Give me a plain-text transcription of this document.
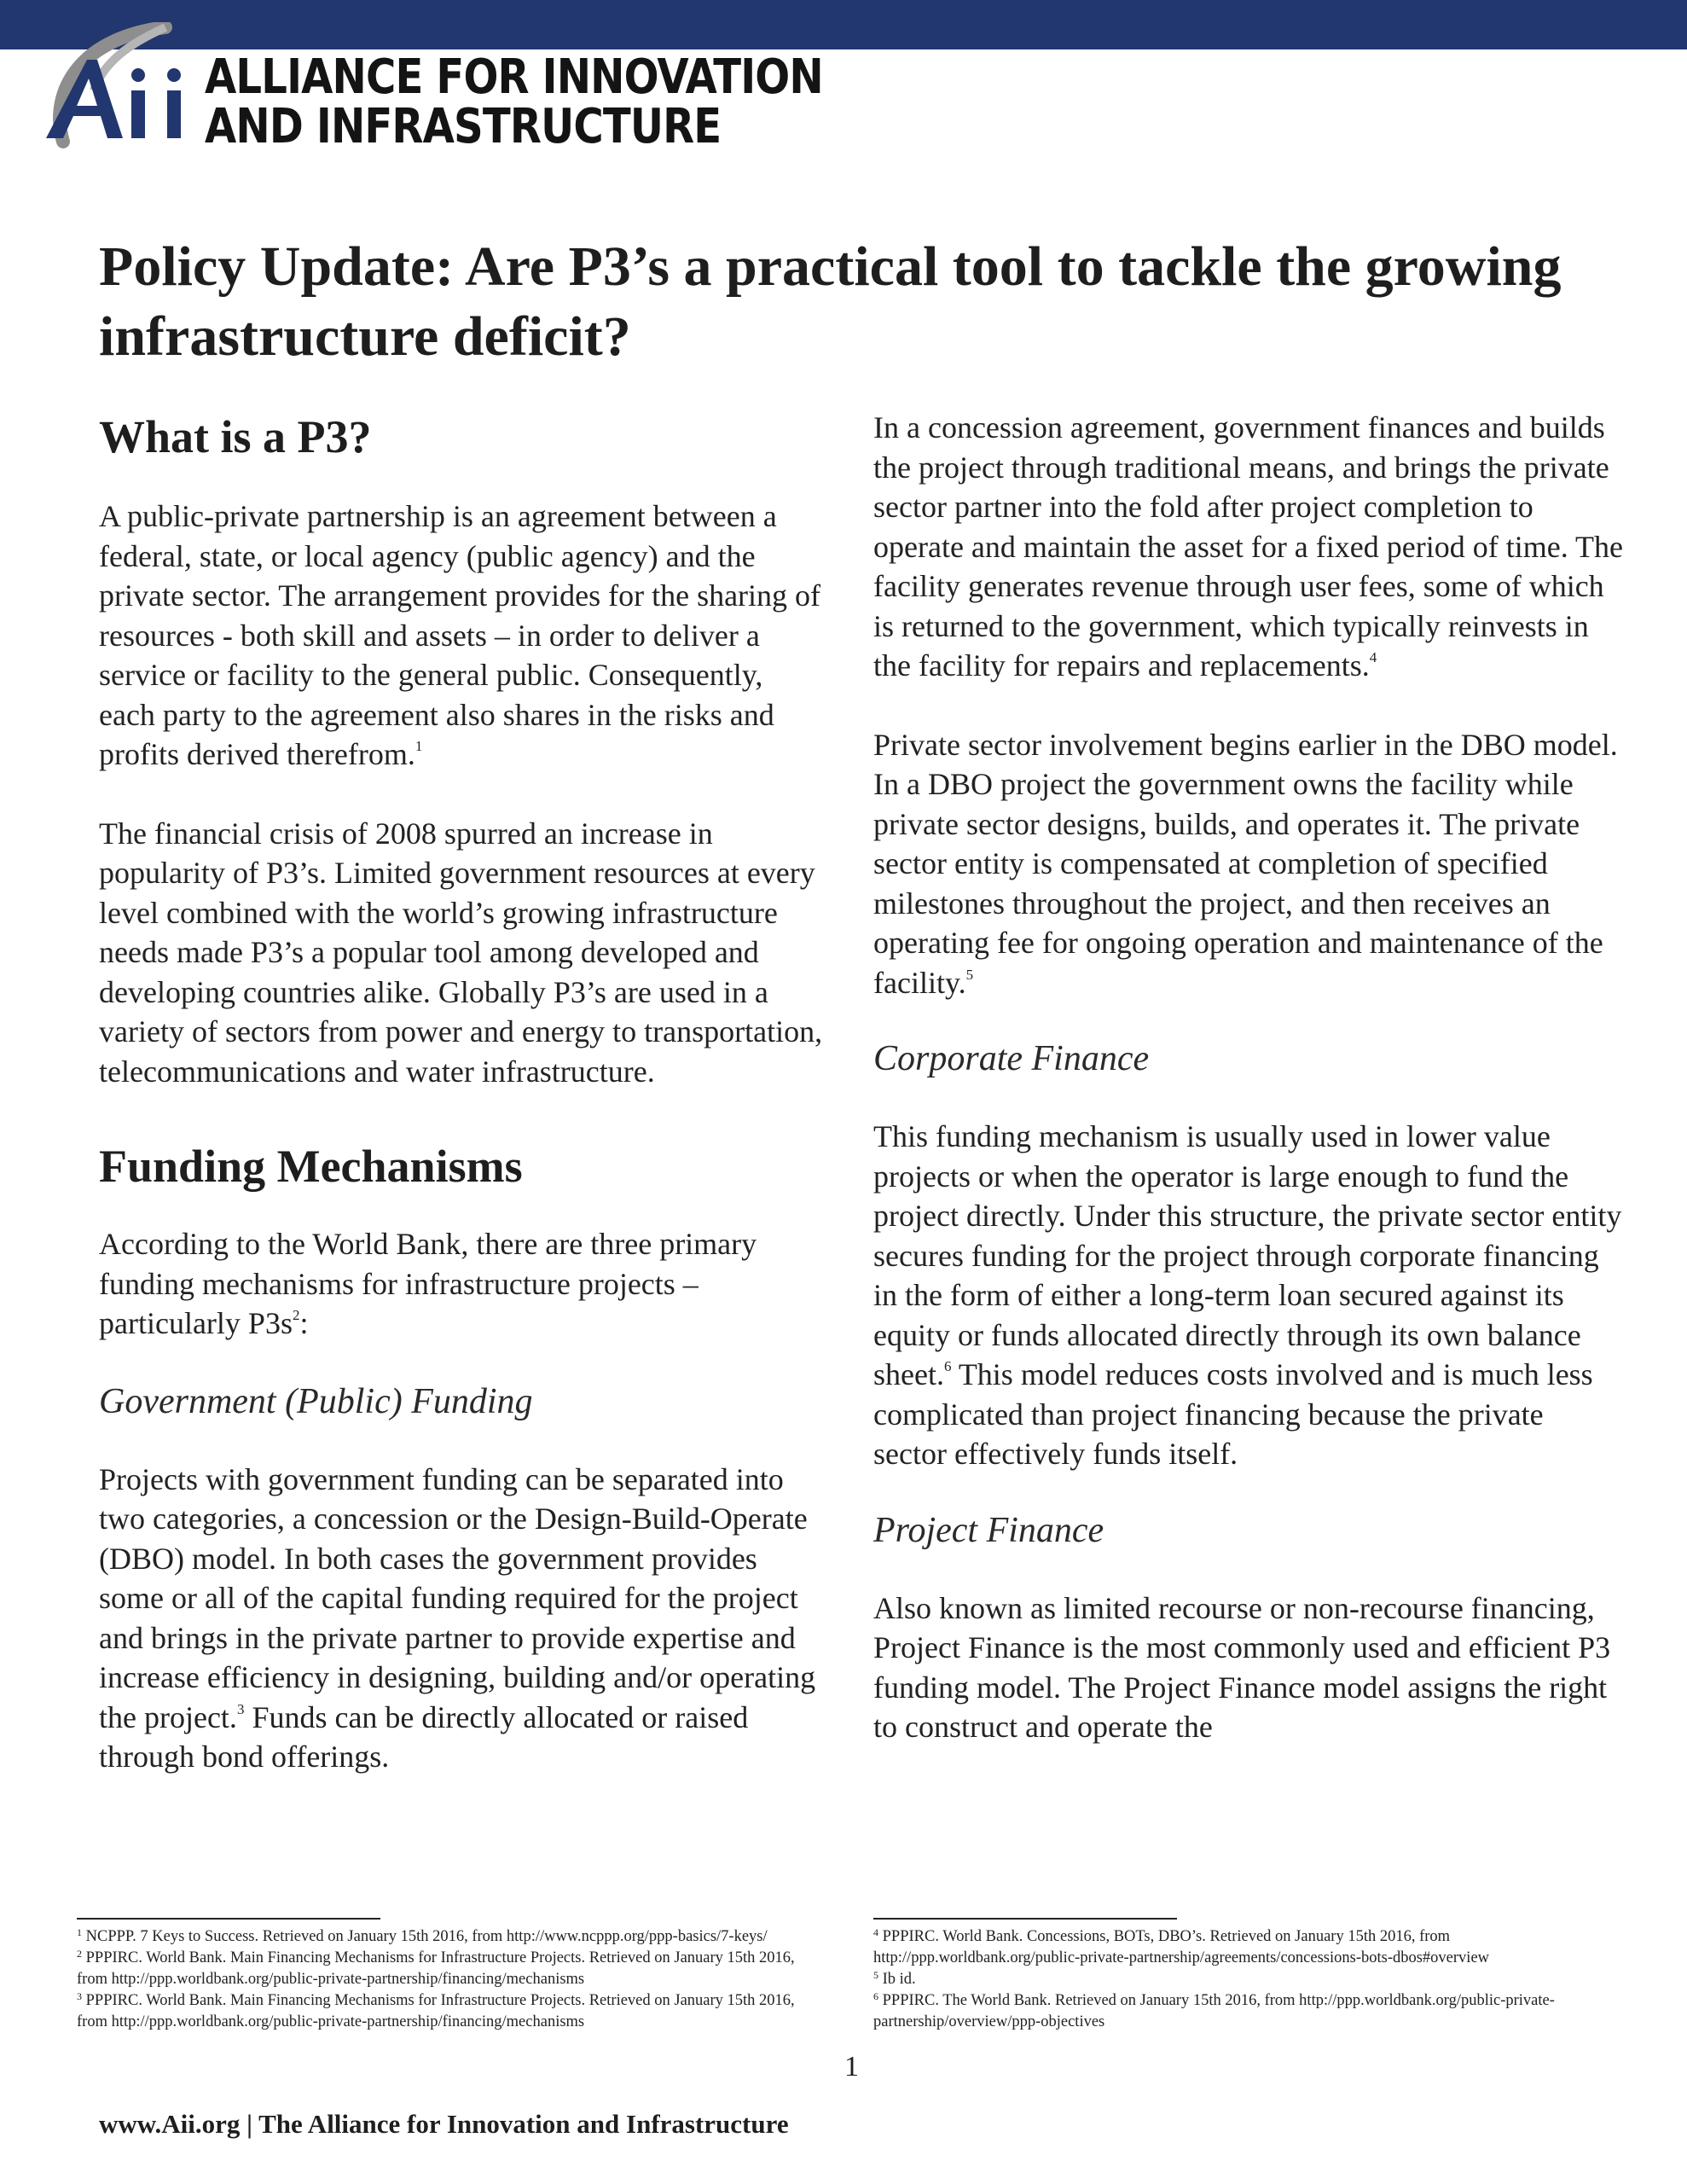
ALLIANCE FOR INNOVATION
AND INFRASTRUCTURE
Policy Update: Are P3’s a practical tool to tackle the growing infrastructure deficit?
What is a P3?

A public-private partnership is an agreement between a federal, state, or local agency (public agency) and the private sector. The arrangement provides for the sharing of resources - both skill and assets – in order to deliver a service or facility to the general public. Consequently, each party to the agreement also shares in the risks and profits derived therefrom.$^1$

The financial crisis of 2008 spurred an increase in popularity of P3’s. Limited government resources at every level combined with the world’s growing infrastructure needs made P3’s a popular tool among developed and developing countries alike. Globally P3’s are used in a variety of sectors from power and energy to transportation, telecommunications and water infrastructure.

Funding Mechanisms

According to the World Bank, there are three primary funding mechanisms for infrastructure projects – particularly $P3s^2$:

Government (Public) Funding

Projects with government funding can be separated into two categories, a concession or the Design-Build-Operate (DBO) model. In both cases the government provides some or all of the capital funding required for the project and brings in the private partner to provide expertise and increase efficiency in designing, building and/or operating the project.$^3$ Funds can be directly allocated or raised through bond offerings.

In a concession agreement, government finances and builds the project through traditional means, and brings the private sector partner into the fold after project completion to operate and maintain the asset for a fixed period of time. The facility generates revenue through user fees, some of which is returned to the government, which typically reinvests in the facility for repairs and replacements.$^4$

Private sector involvement begins earlier in the DBO model. In a DBO project the government owns the facility while private sector designs, builds, and operates it. The private sector entity is compensated at completion of specified milestones throughout the project, and then receives an operating fee for ongoing operation and maintenance of the facility.$^5$

Corporate Finance

This funding mechanism is usually used in lower value projects or when the operator is large enough to fund the project directly. Under this structure, the private sector entity secures funding for the project through corporate financing in the form of either a long-term loan secured against its equity or funds allocated directly through its own balance sheet.$^6$ This model reduces costs involved and is much less complicated than project financing because the private sector effectively funds itself.

Project Finance

Also known as limited recourse or non-recourse financing, Project Finance is the most commonly used and efficient P3 funding model. The Project Finance model assigns the right to construct and operate the

$^1$ NCPPP. 7 Keys to Success. Retrieved on January 15th 2016, from http://www.ncppp.org/ppp-basics/7-keys/
$^2$ PPPIRC. World Bank. Main Financing Mechanisms for Infrastructure Projects. Retrieved on January 15th 2016, from http://ppp.worldbank.org/public-private-partnership/financing/mechanisms
$^3$ PPPIRC. World Bank. Main Financing Mechanisms for Infrastructure Projects. Retrieved on January 15th 2016, from http://ppp.worldbank.org/public-private-partnership/financing/mechanisms
$^4$ PPPIRC. World Bank. Concessions, BOTs, DBO’s. Retrieved on January 15th 2016, from http://ppp.worldbank.org/public-private-partnership/agreements/concessions-bots-dbos#overview
$^5$ Ib id.
$^6$ PPPIRC. The World Bank. Retrieved on January 15th 2016, from http://ppp.worldbank.org/public-private-partnership/overview/ppp-objectives
1
www.Aii.org | The Alliance for Innovation and Infrastructure
